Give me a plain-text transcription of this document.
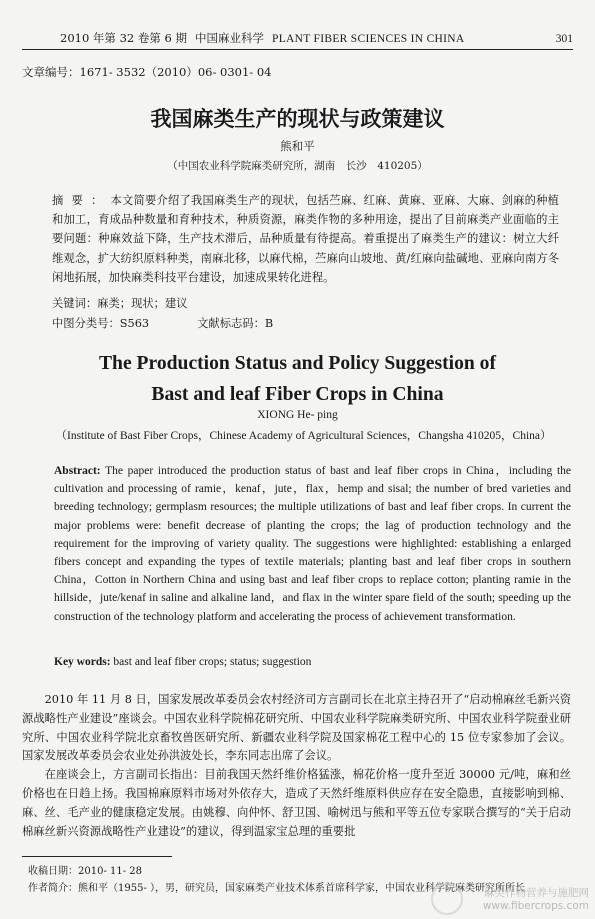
2010 年第 32 卷第 6 期 中国麻业科学 PLANT FIBER SCIENCES IN CHINA	301
文章编号：1671- 3532（2010）06- 0301- 04
我国麻类生产的现状与政策建议
熊和平
（中国农业科学院麻类研究所，湖南　长沙　410205）
摘要：本文简要介绍了我国麻类生产的现状，包括苎麻、红麻、黄麻、亚麻、大麻、剑麻的种植和加工，育成品种数量和育种技术，种质资源，麻类作物的多种用途，提出了目前麻类产业面临的主要问题：种麻效益下降，生产技术滞后，品种质量有待提高。着重提出了麻类生产的建议：树立大纤维观念，扩大纺织原料种类，南麻北移，以麻代棉，苎麻向山坡地、黄/红麻向盐碱地、亚麻向南方冬闲地拓展，加快麻类科技平台建设，加速成果转化进程。
关键词：麻类；现状；建议
中图分类号：S563	文献标志码：B
The Production Status and Policy Suggestion of
Bast and leaf Fiber Crops in China
XIONG He- ping
（Institute of Bast Fiber Crops，Chinese Academy of Agricultural Sciences，Changsha 410205，China）
Abstract: The paper introduced the production status of bast and leaf fiber crops in China，including the cultivation and processing of ramie，kenaf，jute，flax，hemp and sisal; the number of bred varieties and breeding technology; germplasm resources; the multiple utilizations of bast and leaf fiber crops. In current the major problems were: benefit decrease of planting the crops; the lag of production technology and the requirement for the improving of variety quality. The suggestions were highlighted: establishing a enlarged fibers concept and expanding the types of textile materials; planting bast and leaf fiber crops in southern China，Cotton in Northern China and using bast and leaf fiber crops to replace cotton; planting ramie in the hillside，jute/kenaf in saline and alkaline land，and flax in the winter spare field of the south; speeding up the construction of the technology platform and accelerating the process of achievement transformation.
Key words: bast and leaf fiber crops; status; suggestion

2010 年 11 月 8 日，国家发展改革委员会农村经济司方言副司长在北京主持召开了“启动棉麻丝毛新兴资源战略性产业建设”座谈会。中国农业科学院棉花研究所、中国农业科学院麻类研究所、中国农业科学院蚕业研究所、中国农业科学院北京畜牧兽医研究所、新疆农业科学院及国家棉花工程中心的 15 位专家参加了会议。国家发展改革委员会农业处孙洪波处长，李东同志出席了会议。

在座谈会上，方言副司长指出：目前我国天然纤维价格猛涨，棉花价格一度升至近 30000 元/吨，麻和丝价格也在日趋上扬。我国棉麻原料市场对外依存大，造成了天然纤维原料供应存在安全隐患，直接影响到棉、麻、丝、毛产业的健康稳定发展。由姚穆、向仲怀、舒卫国、喻树迅与熊和平等五位专家联合撰写的“关于启动棉麻丝新兴资源战略性产业建设”的建议，得到温家宝总理的重要批

收稿日期：2010- 11- 28
作者简介：熊和平（1955- ），男，研究员，国家麻类产业技术体系首席科学家，中国农业科学院麻类研究所所长
麻类作物营养与施肥网
www.fibercrops.com
